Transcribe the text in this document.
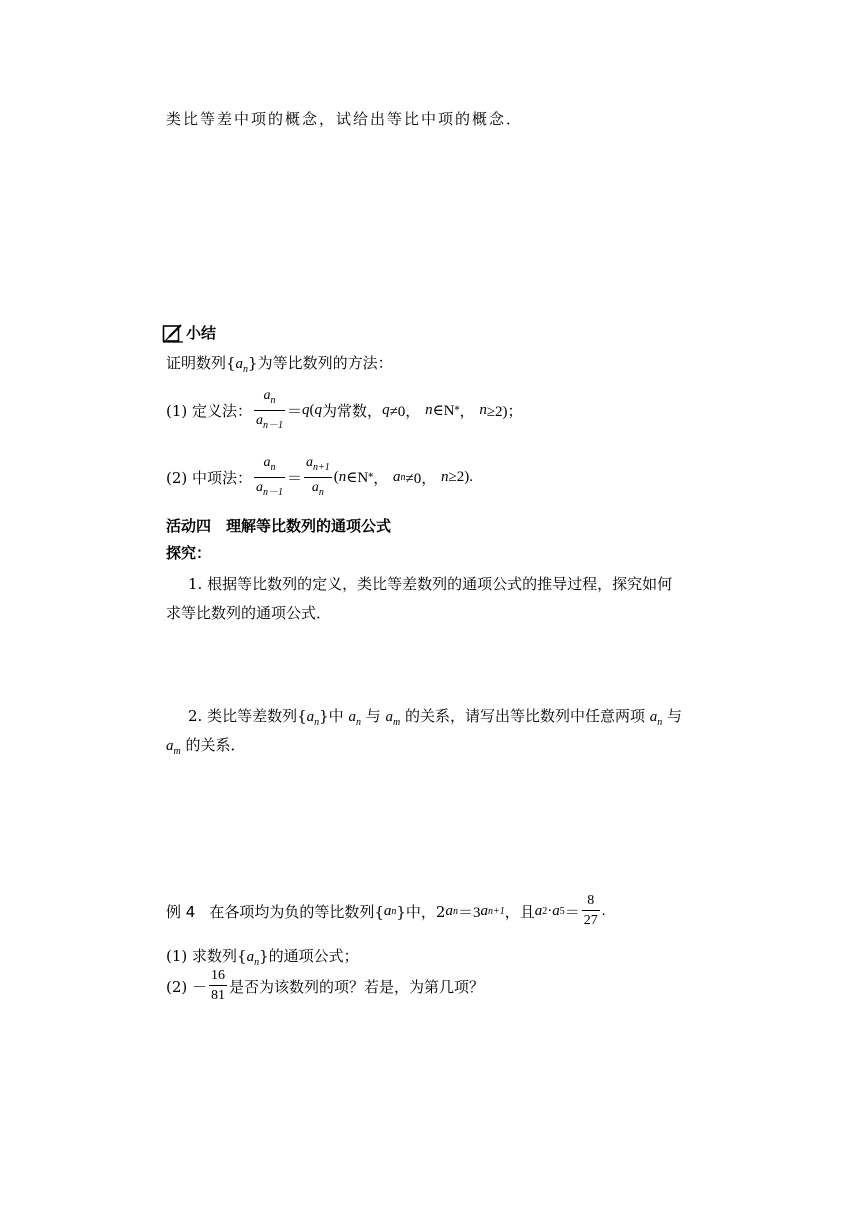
类比等差中项的概念，试给出等比中项的概念．
小结
证明数列$\{a_n\}$为等比数列的方法：
(1) 定义法： $\frac{a_n}{a_{n-1}} = q$ ( q 为常数， q ≠0，
n ∈N * ，
n ≥2)；
(2) 中项法： $\frac{a_n}{a_{n-1}} = \frac{a_{n+1}}{a_n}$ ( n ∈N * ，
a n ≠0，
n ≥2).
活动四　理解等比数列的通项公式
探究：
1. 根据等比数列的定义，类比等差数列的通项公式的推导过程，探究如何
求等比数列的通项公式．
2. 类比等差数列$\{a_n\}$中 $a_n$ 与 $a_m$ 的关系，请写出等比数列中任意两项 $a_n$ 与
$a_m$ 的关系．
例 4 在各项均为负的等比数列{ a n }中，2 a n ＝3 a n+1 ，且 a 2 · a $5 = \frac{8}{27}$ .
(1) 求数列$\{a_n\}$的通项公式；
$(2) - \frac{16}{81}$ 是否为该数列的项？若是，为第几项？
